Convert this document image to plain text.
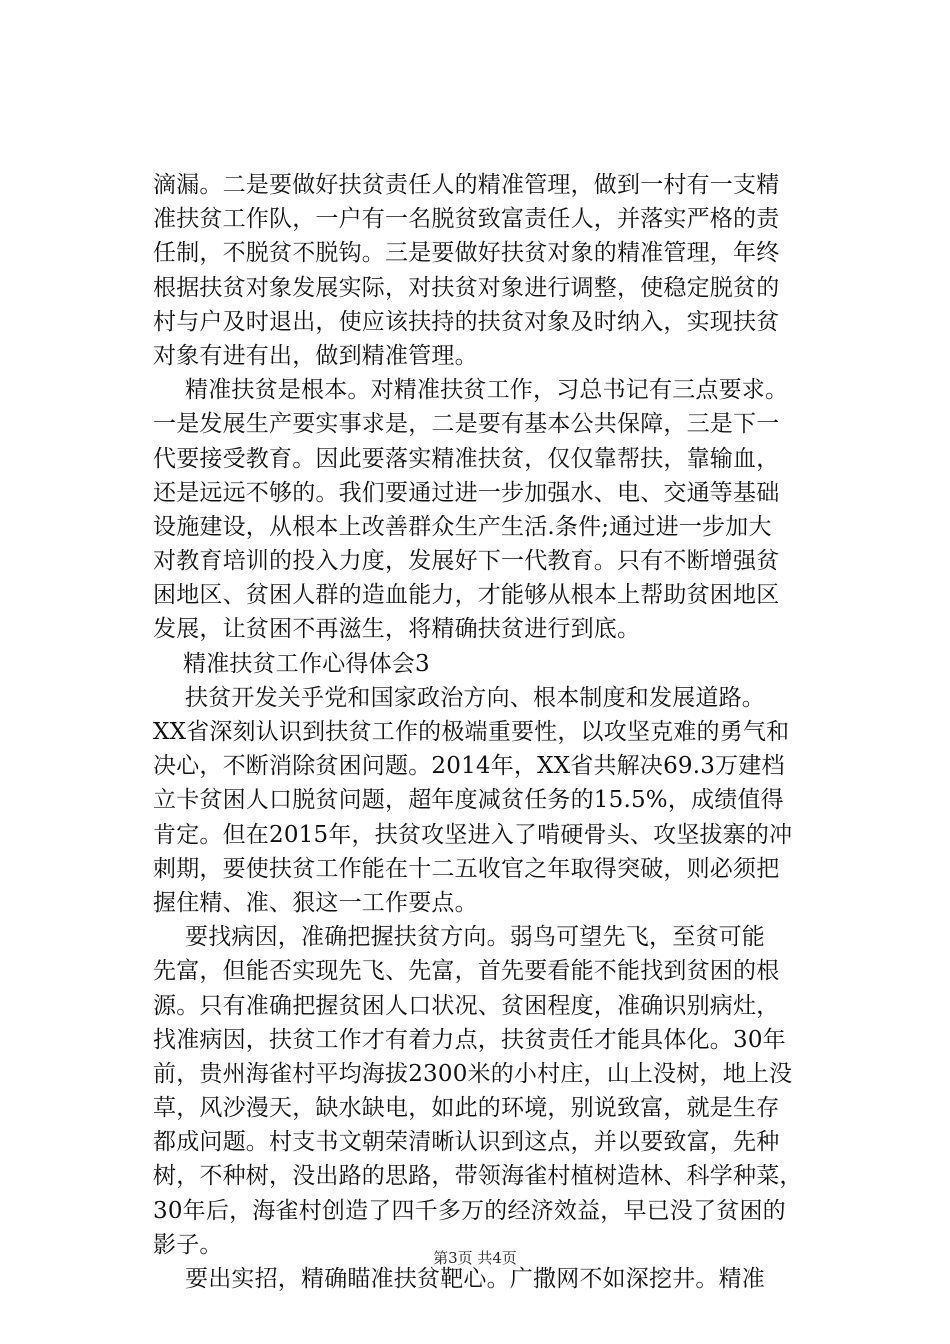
滴漏。二是要做好扶贫责任人的精准管理，做到一村有一支精
准扶贫工作队，一户有一名脱贫致富责任人，并落实严格的责
任制，不脱贫不脱钩。三是要做好扶贫对象的精准管理，年终
根据扶贫对象发展实际，对扶贫对象进行调整，使稳定脱贫的
村与户及时退出，使应该扶持的扶贫对象及时纳入，实现扶贫
对象有进有出，做到精准管理。
精准扶贫是根本。对精准扶贫工作，习总书记有三点要求。
一是发展生产要实事求是，二是要有基本公共保障，三是下一
代要接受教育。因此要落实精准扶贫，仅仅靠帮扶，靠输血，
还是远远不够的。我们要通过进一步加强水、电、交通等基础
设施建设，从根本上改善群众生产生活.条件;通过进一步加大
对教育培训的投入力度，发展好下一代教育。只有不断增强贫
困地区、贫困人群的造血能力，才能够从根本上帮助贫困地区
发展，让贫困不再滋生，将精确扶贫进行到底。
精准扶贫工作心得体会3
扶贫开发关乎党和国家政治方向、根本制度和发展道路。
XX省深刻认识到扶贫工作的极端重要性，以攻坚克难的勇气和
决心，不断消除贫困问题。2014年，XX省共解决69.3万建档
立卡贫困人口脱贫问题，超年度减贫任务的15.5%，成绩值得
肯定。但在2015年，扶贫攻坚进入了啃硬骨头、攻坚拔寨的冲
刺期，要使扶贫工作能在十二五收官之年取得突破，则必须把
握住精、准、狠这一工作要点。
要找病因，准确把握扶贫方向。弱鸟可望先飞，至贫可能
先富，但能否实现先飞、先富，首先要看能不能找到贫困的根
源。只有准确把握贫困人口状况、贫困程度，准确识别病灶，
找准病因，扶贫工作才有着力点，扶贫责任才能具体化。30年
前，贵州海雀村平均海拔2300米的小村庄，山上没树，地上没
草，风沙漫天，缺水缺电，如此的环境，别说致富，就是生存
都成问题。村支书文朝荣清晰认识到这点，并以要致富，先种
树，不种树，没出路的思路，带领海雀村植树造林、科学种菜，
30年后，海雀村创造了四千多万的经济效益，早已没了贫困的
影子。
要出实招，精确瞄准扶贫靶心。广撒网不如深挖井。精准
第3页 共4页
